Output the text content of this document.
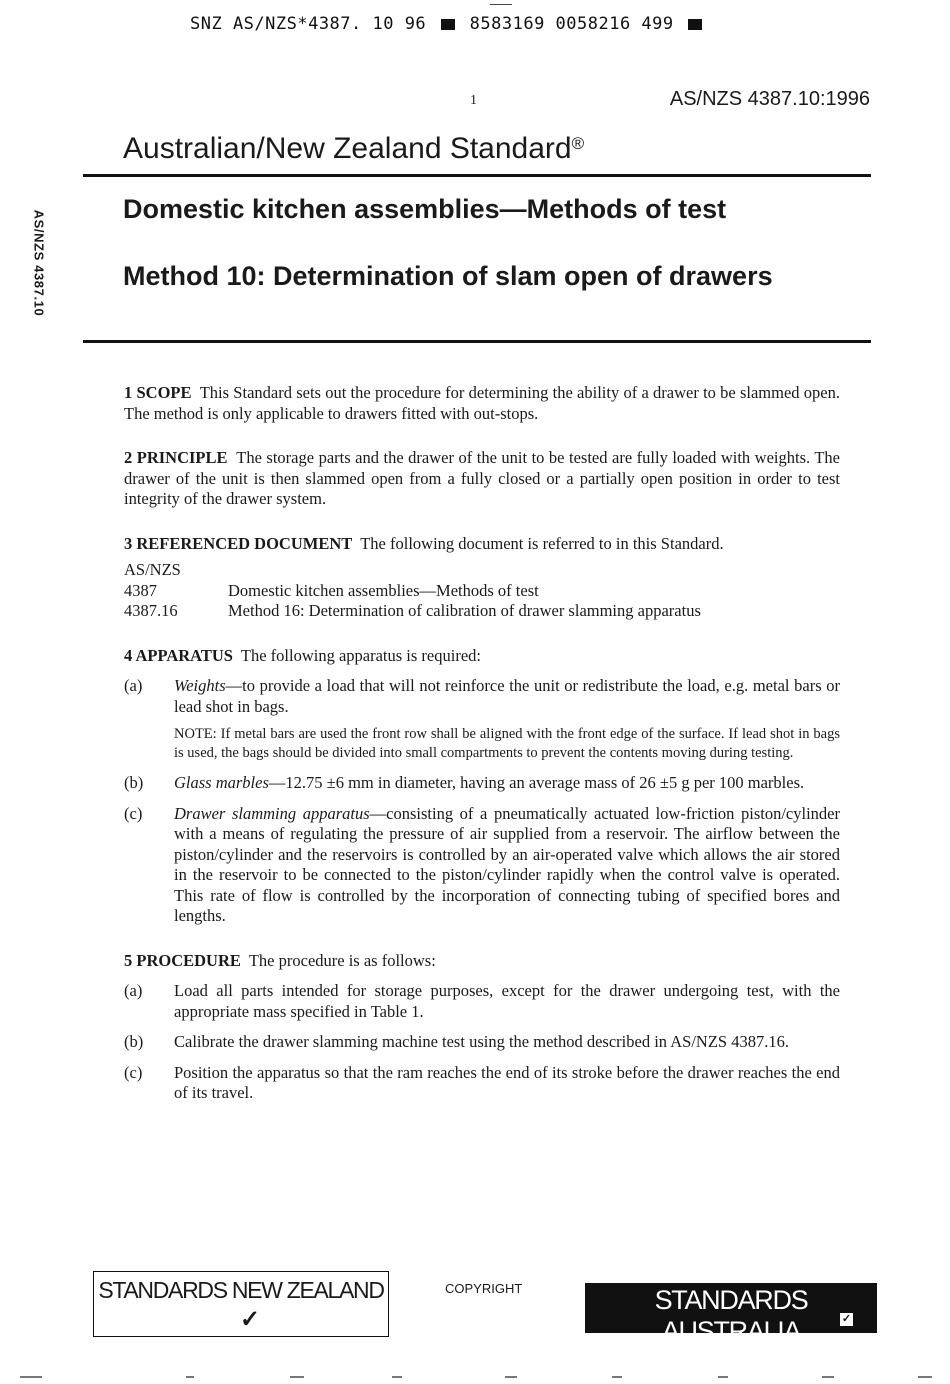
SNZ AS/NZS*4387. 10 96	8583169 0058216 499
AS/NZS 4387.10
1	AS/NZS 4387.10:1996
Australian/New Zealand Standard®
Domestic kitchen assemblies—Methods of test
Method 10: Determination of slam open of drawers

1 SCOPE This Standard sets out the procedure for determining the ability of a drawer to be slammed open. The method is only applicable to drawers fitted with out-stops.

2 PRINCIPLE The storage parts and the drawer of the unit to be tested are fully loaded with weights. The drawer of the unit is then slammed open from a fully closed or a partially open position in order to test integrity of the drawer system.

3 REFERENCED DOCUMENT The following document is referred to in this Standard.

AS/NZS
4387	Domestic kitchen assemblies—Methods of test
4387.16	Method 16: Determination of calibration of drawer slamming apparatus

4 APPARATUS The following apparatus is required:

(a)	Weights—to provide a load that will not reinforce the unit or redistribute the load, e.g. metal bars or lead shot in bags.

NOTE: If metal bars are used the front row shall be aligned with the front edge of the surface. If lead shot in bags is used, the bags should be divided into small compartments to prevent the contents moving during testing.

(b)	Glass marbles—12.75 ±6 mm in diameter, having an average mass of 26 ±5 g per 100 marbles.
(c)	Drawer slamming apparatus—consisting of a pneumatically actuated low-friction piston/cylinder with a means of regulating the pressure of air supplied from a reservoir. The airflow between the piston/cylinder and the reservoirs is controlled by an air-operated valve which allows the air stored in the reservoir to be connected to the piston/cylinder rapidly when the control valve is operated. This rate of flow is controlled by the incorporation of connecting tubing of specified bores and lengths.

5 PROCEDURE The procedure is as follows:

(a)	Load all parts intended for storage purposes, except for the drawer undergoing test, with the appropriate mass specified in Table 1.
(b)	Calibrate the drawer slamming machine test using the method described in AS/NZS 4387.16.
(c)	Position the apparatus so that the ram reaches the end of its stroke before the drawer reaches the end of its travel.
STANDARDS NEW ZEALAND
✓
COPYRIGHT	STANDARDS AUSTRALIA	✓
